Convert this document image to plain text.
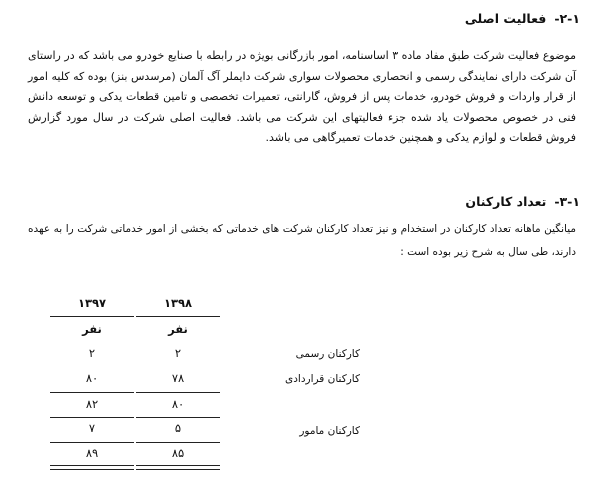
۲-۱-فعالیت اصلی
موضوع فعالیت شرکت طبق مفاد ماده ۳ اساسنامه، امور بازرگانی بویژه در رابطه با صنایع خودرو می باشد که در راستای آن شرکت دارای نمایندگی رسمی و انحصاری محصولات سواری شرکت دایملر آگ آلمان (مرسدس بنز) بوده که کلیه امور از قرار واردات و فروش خودرو، خدمات پس از فروش، گارانتی، تعمیرات تخصصی و تامین قطعات یدکی و توسعه دانش فنی در خصوص محصولات یاد شده جزء فعالیتهای این شرکت می باشد. فعالیت اصلی شرکت در سال مورد گزارش فروش قطعات و لوازم یدکی و همچنین خدمات تعمیرگاهی می باشد.
۳-۱-تعداد کارکنان
میانگین ماهانه تعداد کارکنان در استخدام و نیز تعداد کارکنان شرکت های خدماتی که بخشی از امور خدماتی شرکت را به عهده دارند، طی سال به شرح زیر بوده است :
۱۳۹۸
۱۳۹۷
نفر
نفر
کارکنان رسمی
۲
۲
کارکنان قراردادی
۷۸
۸۰
۸۰
۸۲
کارکنان مامور
۵
۷
۸۵
۸۹
